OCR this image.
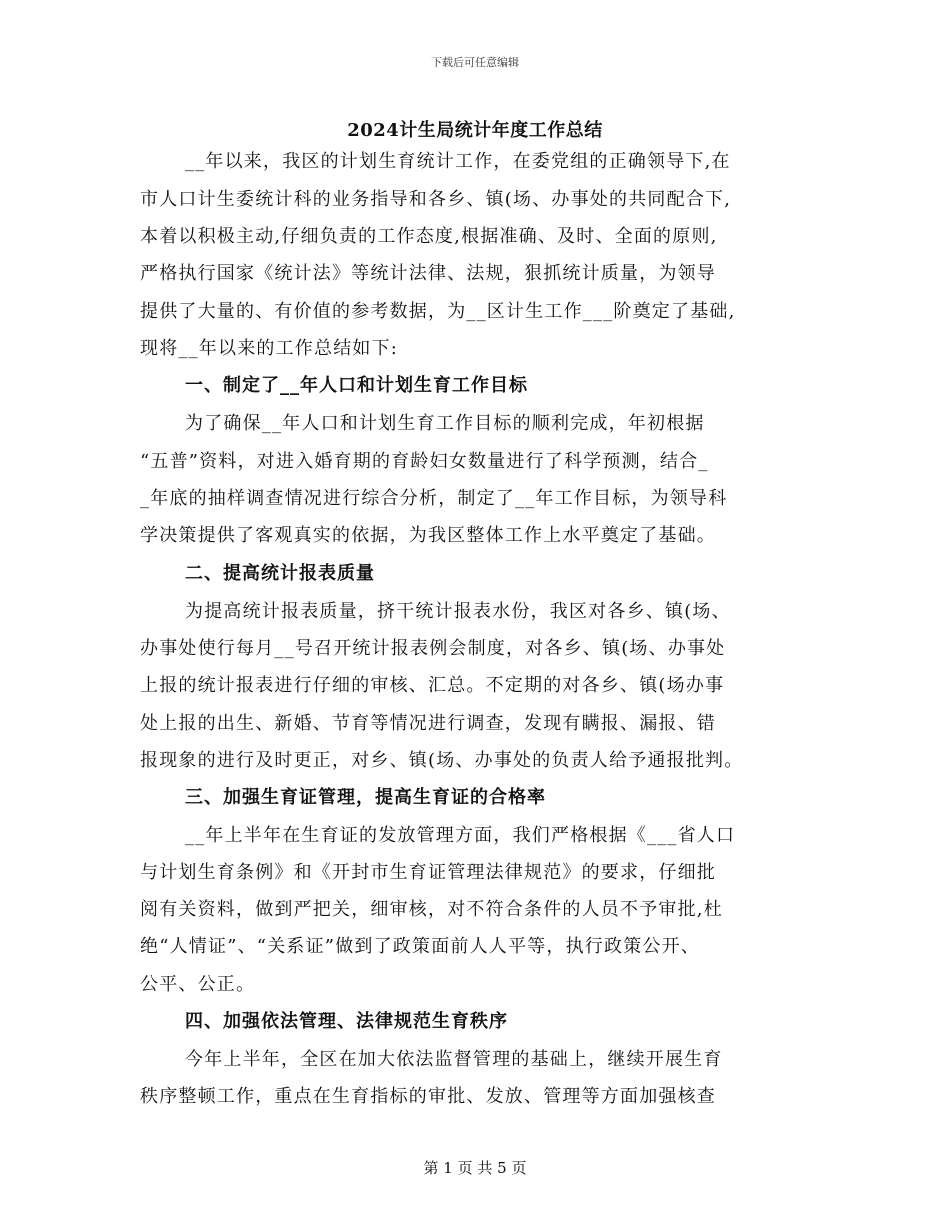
下载后可任意编辑
2024计生局统计年度工作总结
__年以来，我区的计划生育统计工作，在委党组的正确领导下,在
市人口计生委统计科的业务指导和各乡、镇(场、办事处的共同配合下,
本着以积极主动,仔细负责的工作态度,根据准确、及时、全面的原则,
严格执行国家《统计法》等统计法律、法规，狠抓统计质量，为领导
提供了大量的、有价值的参考数据，为__区计生工作___阶奠定了基础,
现将__年以来的工作总结如下:
一、制定了__年人口和计划生育工作目标
为了确保__年人口和计划生育工作目标的顺利完成，年初根据
“五普”资料，对进入婚育期的育龄妇女数量进行了科学预测，结合_
_年底的抽样调查情况进行综合分析，制定了__年工作目标，为领导科
学决策提供了客观真实的依据，为我区整体工作上水平奠定了基础。
二、提高统计报表质量
为提高统计报表质量，挤干统计报表水份，我区对各乡、镇(场、
办事处使行每月__号召开统计报表例会制度，对各乡、镇(场、办事处
上报的统计报表进行仔细的审核、汇总。不定期的对各乡、镇(场办事
处上报的出生、新婚、节育等情况进行调查，发现有瞒报、漏报、错
报现象的进行及时更正，对乡、镇(场、办事处的负责人给予通报批判。
三、加强生育证管理，提高生育证的合格率
__年上半年在生育证的发放管理方面，我们严格根据《___省人口
与计划生育条例》和《开封市生育证管理法律规范》的要求，仔细批
阅有关资料，做到严把关，细审核，对不符合条件的人员不予审批,杜
绝“人情证”、“关系证”做到了政策面前人人平等，执行政策公开、
公平、公正。
四、加强依法管理、法律规范生育秩序
今年上半年，全区在加大依法监督管理的基础上，继续开展生育
秩序整顿工作，重点在生育指标的审批、发放、管理等方面加强核查
第 1 页 共 5 页
